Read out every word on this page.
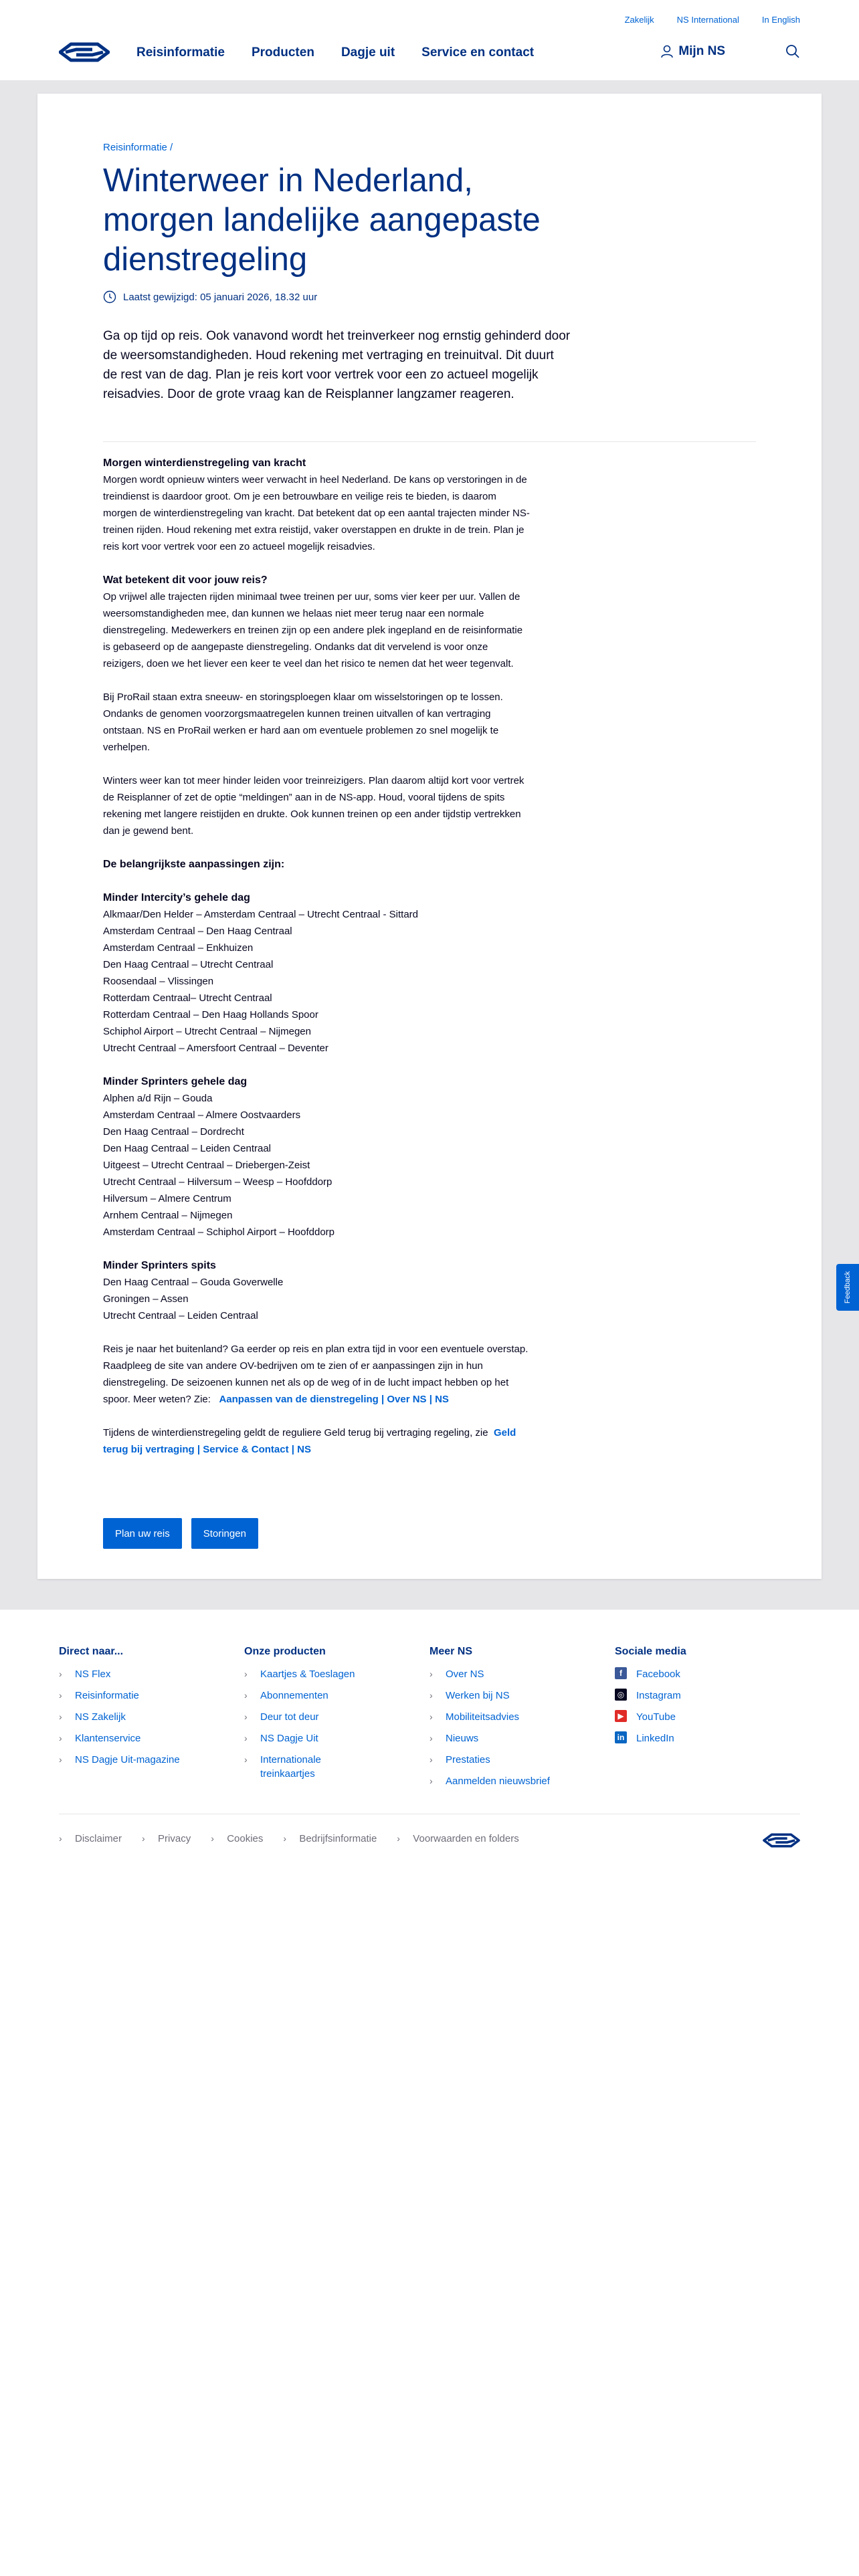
Zakelijk	NS International	In English
Reisinformatie Producten Dagje uit Service en contact	Mijn NS
Reisinformatie /
Winterweer in Nederland, morgen landelijke aangepaste dienstregeling
Laatst gewijzigd: 05 januari 2026, 18.32 uur
Ga op tijd op reis. Ook vanavond wordt het treinverkeer nog ernstig gehinderd door de weersomstandigheden. Houd rekening met vertraging en treinuitval. Dit duurt de rest van de dag. Plan je reis kort voor vertrek voor een zo actueel mogelijk reisadvies. Door de grote vraag kan de Reisplanner langzamer reageren.

Morgen winterdienstregeling van kracht

Morgen wordt opnieuw winters weer verwacht in heel Nederland. De kans op verstoringen in de treindienst is daardoor groot. Om je een betrouwbare en veilige reis te bieden, is daarom morgen de winterdienstregeling van kracht. Dat betekent dat op een aantal trajecten minder NS-treinen rijden. Houd rekening met extra reistijd, vaker overstappen en drukte in de trein. Plan je reis kort voor vertrek voor een zo actueel mogelijk reisadvies.

Wat betekent dit voor jouw reis?

Op vrijwel alle trajecten rijden minimaal twee treinen per uur, soms vier keer per uur. Vallen de weersomstandigheden mee, dan kunnen we helaas niet meer terug naar een normale dienstregeling. Medewerkers en treinen zijn op een andere plek ingepland en de reisinformatie is gebaseerd op de aangepaste dienstregeling. Ondanks dat dit vervelend is voor onze reizigers, doen we het liever een keer te veel dan het risico te nemen dat het weer tegenvalt.

Bij ProRail staan extra sneeuw- en storingsploegen klaar om wisselstoringen op te lossen. Ondanks de genomen voorzorgsmaatregelen kunnen treinen uitvallen of kan vertraging ontstaan. NS en ProRail werken er hard aan om eventuele problemen zo snel mogelijk te verhelpen.

Winters weer kan tot meer hinder leiden voor treinreizigers. Plan daarom altijd kort voor vertrek de Reisplanner of zet de optie “meldingen” aan in de NS-app. Houd, vooral tijdens de spits rekening met langere reistijden en drukte. Ook kunnen treinen op een ander tijdstip vertrekken dan je gewend bent.

De belangrijkste aanpassingen zijn:

Minder Intercity’s gehele dag

Alkmaar/Den Helder – Amsterdam Centraal – Utrecht Centraal - Sittard

Amsterdam Centraal – Den Haag Centraal

Amsterdam Centraal – Enkhuizen

Den Haag Centraal – Utrecht Centraal

Roosendaal – Vlissingen

Rotterdam Centraal– Utrecht Centraal

Rotterdam Centraal – Den Haag Hollands Spoor

Schiphol Airport – Utrecht Centraal – Nijmegen

Utrecht Centraal – Amersfoort Centraal – Deventer

Minder Sprinters gehele dag

Alphen a/d Rijn – Gouda

Amsterdam Centraal – Almere Oostvaarders

Den Haag Centraal – Dordrecht

Den Haag Centraal – Leiden Centraal

Uitgeest – Utrecht Centraal – Driebergen-Zeist

Utrecht Centraal – Hilversum – Weesp – Hoofddorp

Hilversum – Almere Centrum

Arnhem Centraal – Nijmegen

Amsterdam Centraal – Schiphol Airport – Hoofddorp

Minder Sprinters spits

Den Haag Centraal – Gouda Goverwelle

Groningen – Assen

Utrecht Centraal – Leiden Centraal

Reis je naar het buitenland? Ga eerder op reis en plan extra tijd in voor een eventuele overstap. Raadpleeg de site van andere OV-bedrijven om te zien of er aanpassingen zijn in hun dienstregeling. De seizoenen kunnen net als op de weg of in de lucht impact hebben op het spoor. Meer weten? Zie: Aanpassen van de dienstregeling | Over NS | NS

Tijdens de winterdienstregeling geldt de reguliere Geld terug bij vertraging regeling, zie Geld terug bij vertraging | Service & Contact | NS

Plan uw reis	Storingen
Feedback
Direct naar...
›	NS Flex
›	Reisinformatie
›	NS Zakelijk
›	Klantenservice
›	NS Dagje Uit-magazine
Onze producten
›	Kaartjes & Toeslagen
›	Abonnementen
›	Deur tot deur
›	NS Dagje Uit
›	Internationale treinkaartjes
Meer NS
›	Over NS
›	Werken bij NS
›	Mobiliteitsadvies
›	Nieuws
›	Prestaties
›	Aanmelden nieuwsbrief
Sociale media
f	Facebook
◎ Instagram
▶ YouTube
in LinkedIn
›	Disclaimer ›	Privacy ›	Cookies ›	Bedrijfsinformatie ›	Voorwaarden en folders
